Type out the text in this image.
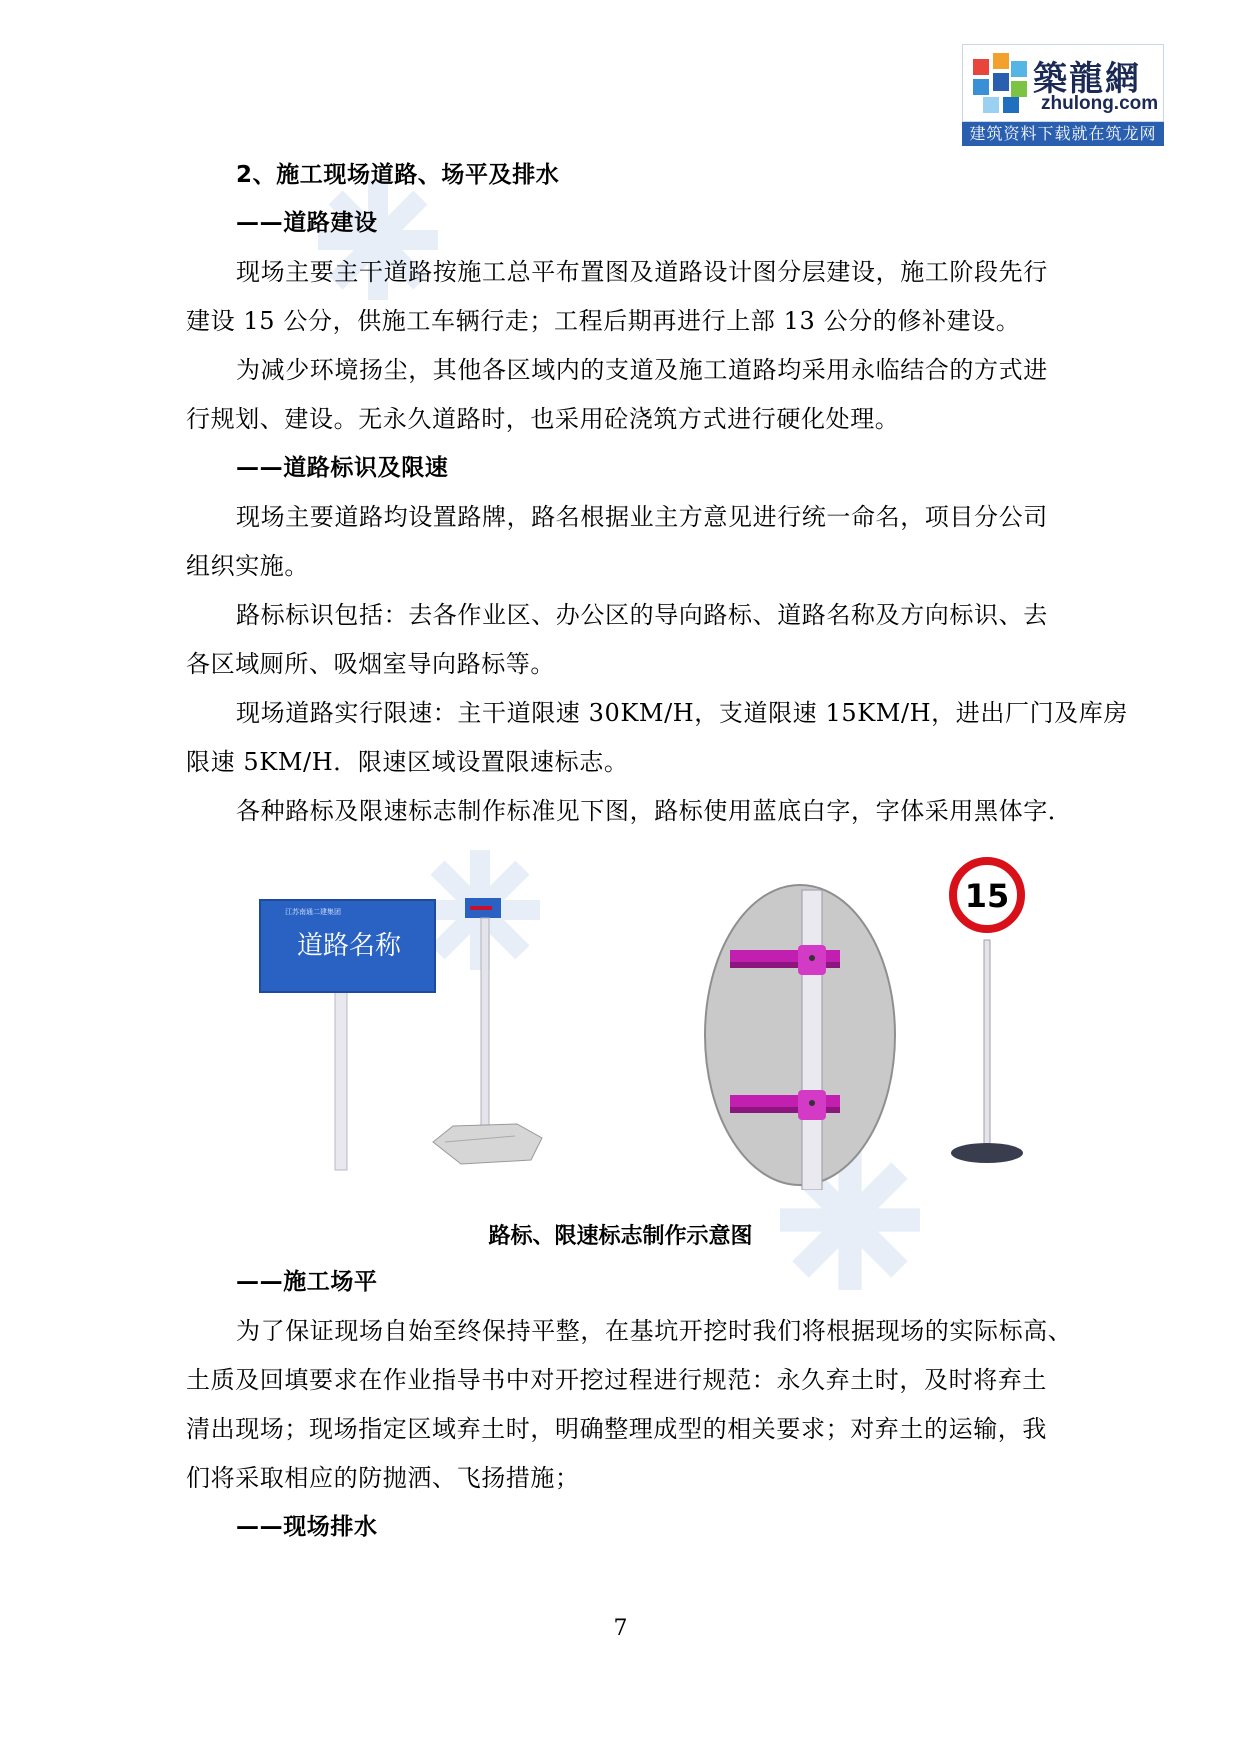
築龍網
zhulong.com
建筑资料下载就在筑龙网
2、施工现场道路、场平及排水
——道路建设
现场主要主干道路按施工总平布置图及道路设计图分层建设，施工阶段先行
建设 15 公分，供施工车辆行走；工程后期再进行上部 13 公分的修补建设。
为减少环境扬尘，其他各区域内的支道及施工道路均采用永临结合的方式进
行规划、建设。无永久道路时，也采用砼浇筑方式进行硬化处理。
——道路标识及限速
现场主要道路均设置路牌，路名根据业主方意见进行统一命名，项目分公司
组织实施。
路标标识包括：去各作业区、办公区的导向路标、道路名称及方向标识、去
各区域厕所、吸烟室导向路标等。
现场道路实行限速：主干道限速 30KM/H，支道限速 15KM/H，进出厂门及库房
限速 5KM/H．限速区域设置限速标志。
各种路标及限速标志制作标准见下图，路标使用蓝底白字，字体采用黑体字．
江苏南通二建集团
道路名称
15
路标、限速标志制作示意图
——施工场平
为了保证现场自始至终保持平整，在基坑开挖时我们将根据现场的实际标高、
土质及回填要求在作业指导书中对开挖过程进行规范：永久弃土时，及时将弃土
清出现场；现场指定区域弃土时，明确整理成型的相关要求；对弃土的运输，我
们将采取相应的防抛洒、飞扬措施；
——现场排水
7
